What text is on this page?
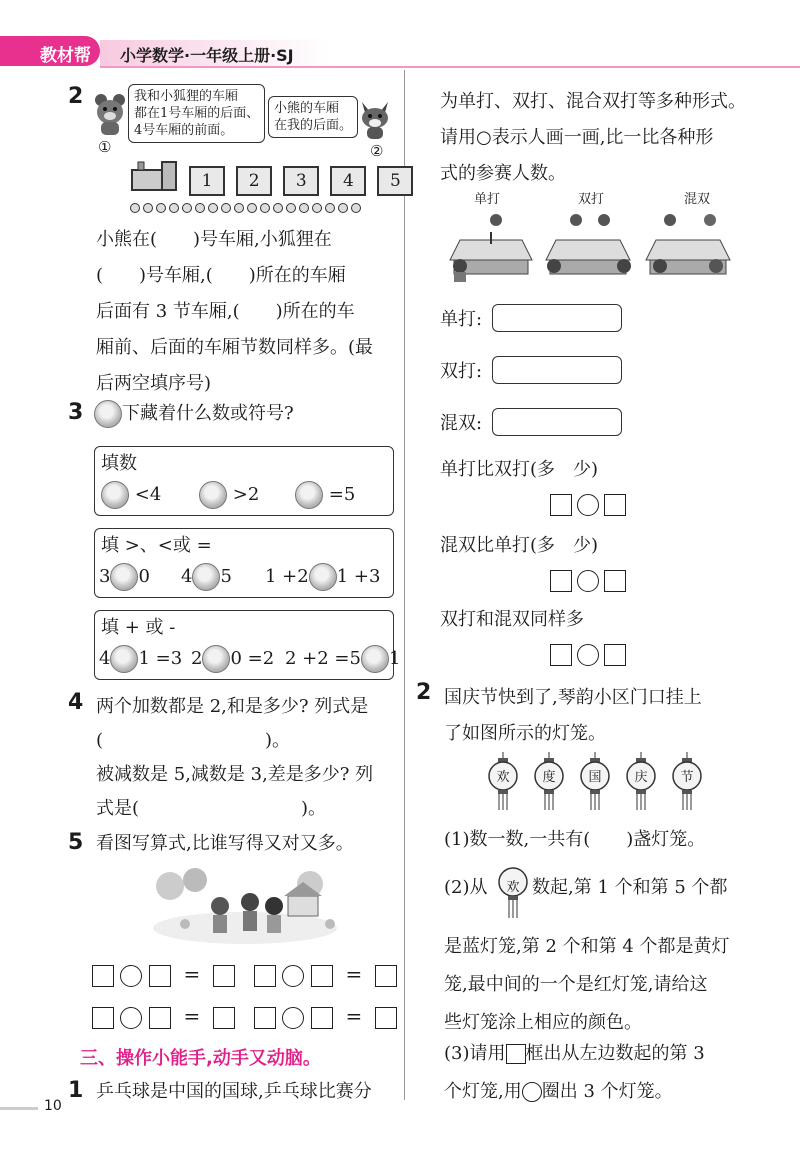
教材帮	小学数学·一年级上册·SJ
2
①
我和小狐狸的车厢
都在1号车厢的后面、
4号车厢的前面。
小熊的车厢
在我的后面。
②
1 2 3 4 5
小熊在(　　)号车厢,小狐狸在
(　　)号车厢,(　　)所在的车厢
后面有 3 节车厢,(　　)所在的车
厢前、后面的车厢节数同样多。(最
后两空填序号)
3	下藏着什么数或符号?
填数
<4	>2	=5
填 >、<或 =
3 0 4 5 1 +2 1 +3
填 + 或 -
4 1 =3 2 0 =2 2 +2 =5 1
4 两个加数都是 2,和是多少? 列式是
(　　　　　　　　　)。
被减数是 5,减数是 3,差是多少? 列
式是(　　　　　　　　　)。
5 看图写算式,比谁写得又对又多。
=	=
=	=
三、操作小能手,动手又动脑。
1 乒乓球是中国的国球,乒乓球比赛分
为单打、双打、混合双打等多种形式。
请用○表示人画一画,比一比各种形
式的参赛人数。
单打	双打	混双
单打:
双打:
混双:
单打比双打(多　少)

混双比单打(多　少)

双打和混双同样多

2 国庆节快到了,琴韵小区门口挂上
了如图所示的灯笼。
(1)数一数,一共有(　　)盏灯笼。
(2)从 数起,第 1 个和第 5 个都
是蓝灯笼,第 2 个和第 4 个都是黄灯
笼,最中间的一个是红灯笼,请给这
些灯笼涂上相应的颜色。
(3)请用 框出从左边数起的第 3
个灯笼,用 圈出 3 个灯笼。
10
